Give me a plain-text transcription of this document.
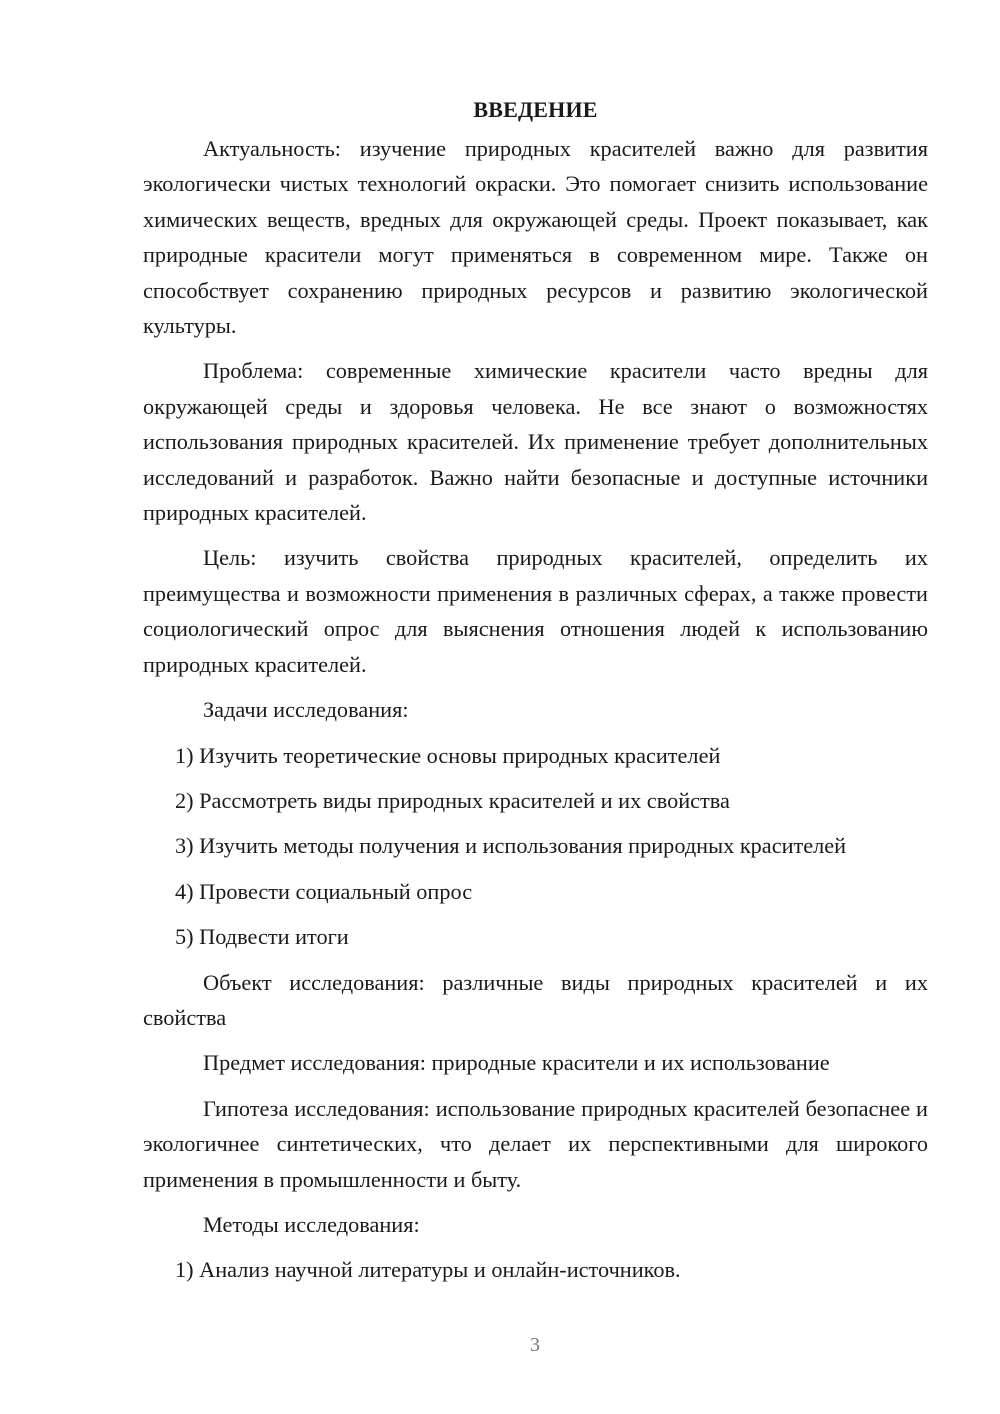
ВВЕДЕНИЕ

Актуальность: изучение природных красителей важно для развития экологически чистых технологий окраски. Это помогает снизить использование химических веществ, вредных для окружающей среды. Проект показывает, как природные красители могут применяться в современном мире. Также он способствует сохранению природных ресурсов и развитию экологической культуры.

Проблема: современные химические красители часто вредны для окружающей среды и здоровья человека. Не все знают о возможностях использования природных красителей. Их применение требует дополнительных исследований и разработок. Важно найти безопасные и доступные источники природных красителей.

Цель: изучить свойства природных красителей, определить их преимущества и возможности применения в различных сферах, а также провести социологический опрос для выяснения отношения людей к использованию природных красителей.

Задачи исследования:
1) Изучить теоретические основы природных красителей
2) Рассмотреть виды природных красителей и их свойства
3) Изучить методы получения и использования природных красителей
4) Провести социальный опрос
5) Подвести итоги

Объект исследования: различные виды природных красителей и их свойства

Предмет исследования: природные красители и их использование

Гипотеза исследования: использование природных красителей безопаснее и экологичнее синтетических, что делает их перспективными для широкого применения в промышленности и быту.

Методы исследования:
1) Анализ научной литературы и онлайн-источников.
3
